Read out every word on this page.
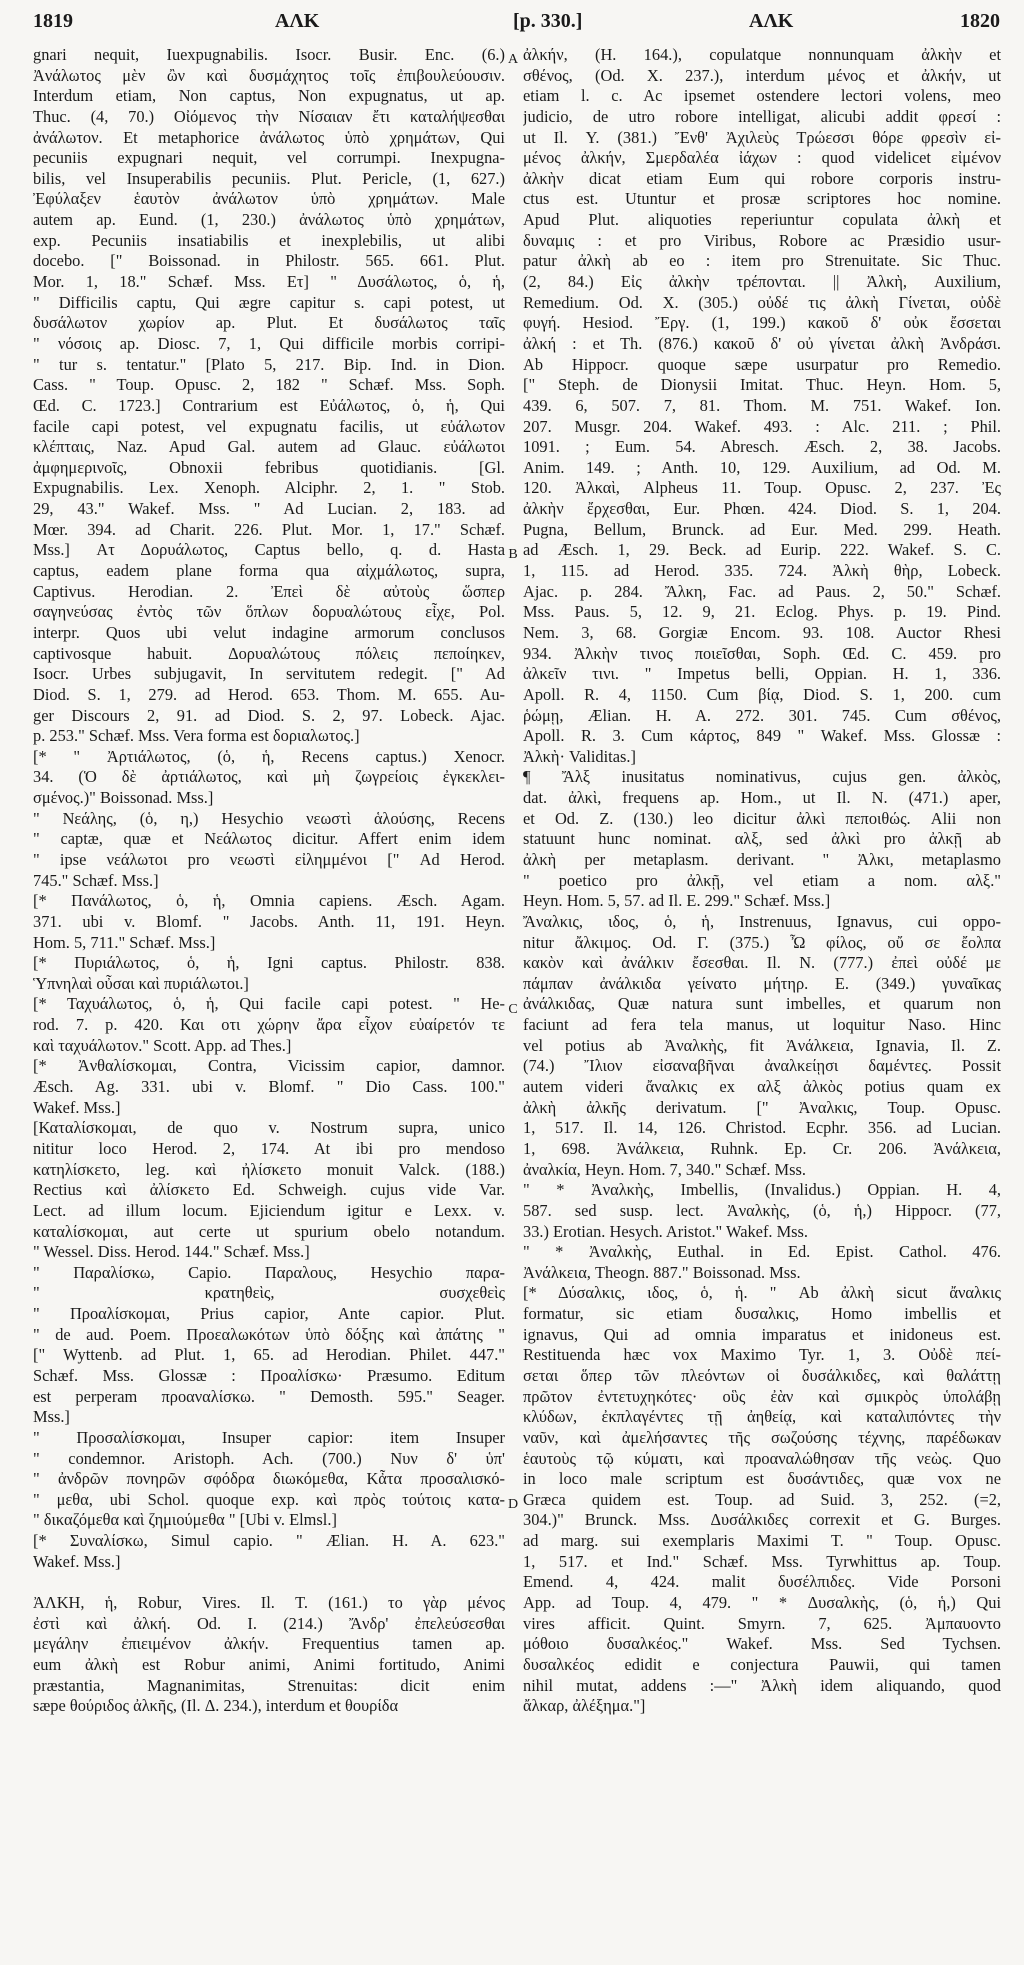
1819	ΑΛΚ	[p. 330.]	ΑΛΚ	1820
A
B
C
D
gnari nequit, Iuexpugnabilis. Isocr. Busir. Enc. (6.)
Ἀνάλωτος μὲν ὢν καὶ δυσμάχητος τοῖς ἐπιβουλεύουσιν.
Interdum etiam, Non captus, Non expugnatus, ut ap.
Thuc. (4, 70.) Οἰόμενος τὴν Νίσαιαν ἔτι καταλήψεσθαι
ἀνάλωτον. Et metaphorice ἀνάλωτος ὑπὸ χρημάτων, Qui
pecuniis expugnari nequit, vel corrumpi. Inexpugna-
bilis, vel Insuperabilis pecuniis. Plut. Pericle, (1, 627.)
Ἐφύλαξεν ἑαυτὸν ἀνάλωτον ὑπὸ χρημάτων. Male
autem ap. Eund. (1, 230.) ἀνάλωτος ὑπὸ χρημάτων,
exp. Pecuniis insatiabilis et inexplebilis, ut alibi
docebo. [" Boissonad. in Philostr. 565. 661. Plut.
Mor. 1, 18." Schæf. Mss. Ετ] " Δυσάλωτος, ὁ, ἡ,
" Difficilis captu, Qui ægre capitur s. capi potest, ut
δυσάλωτον χωρίον ap. Plut. Et δυσάλωτος ταῖς
" νόσοις ap. Diosc. 7, 1, Qui difficile morbis corripi-
" tur s. tentatur." [Plato 5, 217. Bip. Ind. in Dion.
Cass. " Toup. Opusc. 2, 182 " Schæf. Mss. Soph.
Œd. C. 1723.] Contrarium est Εὐάλωτος, ὁ, ἡ, Qui
facile capi potest, vel expugnatu facilis, ut εὐάλωτον
κλέπταις, Naz. Apud Gal. autem ad Glauc. εὐάλωτοι
ἀμφημερινοῖς, Obnoxii febribus quotidianis. [Gl.
Expugnabilis. Lex. Xenoph. Alciphr. 2, 1. " Stob.
29, 43." Wakef. Mss. " Ad Lucian. 2, 183. ad
Mœr. 394. ad Charit. 226. Plut. Mor. 1, 17." Schæf.
Mss.] Ατ Δορυάλωτος, Captus bello, q. d. Hasta
captus, eadem plane forma qua αἰχμάλωτος, supra,
Captivus. Herodian. 2. Ἐπεὶ δὲ αὐτοὺς ὥσπερ
σαγηνεύσας ἐντὸς τῶν ὅπλων δορυαλώτους εἶχε, Pol.
interpr. Quos ubi velut indagine armorum conclusos
captivosque habuit. Δορυαλώτους πόλεις πεποίηκεν,
Isocr. Urbes subjugavit, In servitutem redegit. [" Ad
Diod. S. 1, 279. ad Herod. 653. Thom. M. 655. Au-
ger Discours 2, 91. ad Diod. S. 2, 97. Lobeck. Ajac.
p. 253." Schæf. Mss. Vera forma est δοριαλωτος.]
[* " Ἀρτιάλωτος, (ὁ, ἡ, Recens captus.) Xenocr.
34. (Ὁ δὲ ἀρτιάλωτος, καὶ μὴ ζωγρείοις ἐγκεκλει-
σμένος.)" Boissonad. Mss.]
" Νεάλης, (ὁ, η,) Hesychio νεωστὶ ἁλούσης, Recens
" captæ, quæ et Νεάλωτος dicitur. Affert enim idem
" ipse νεάλωτοι pro νεωστὶ εἰλημμένοι [" Ad Herod.
745." Schæf. Mss.]
[* Πανάλωτος, ὁ, ἡ, Omnia capiens. Æsch. Agam.
371. ubi v. Blomf. " Jacobs. Anth. 11, 191. Heyn.
Hom. 5, 711." Schæf. Mss.]
[* Πυριάλωτος, ὁ, ἡ, Igni captus. Philostr. 838.
Ὑπνηλαὶ οὖσαι καὶ πυριάλωτοι.]
[* Ταχυάλωτος, ὁ, ἡ, Qui facile capi potest. " He-
rod. 7. p. 420. Και οτι χώρην ἄρα εἶχον εὐαίρετόν τε
καὶ ταχυάλωτον." Scott. App. ad Thes.]
[* Ἀνθαλίσκομαι, Contra, Vicissim capior, damnor.
Æsch. Ag. 331. ubi v. Blomf. " Dio Cass. 100."
Wakef. Mss.]
[Καταλίσκομαι, de quo v. Nostrum supra, unico
nititur loco Herod. 2, 174. At ibi pro mendoso
κατηλίσκετο, leg. καὶ ἠλίσκετο monuit Valck. (188.)
Rectius καὶ ἀλίσκετο Ed. Schweigh. cujus vide Var.
Lect. ad illum locum. Ejiciendum igitur e Lexx. v.
καταλίσκομαι, aut certe ut spurium obelo notandum.
" Wessel. Diss. Herod. 144." Schæf. Mss.]
" Παραλίσκω, Capio. Παραλους, Hesychio παρα-
" κρατηθεὶς, συσχεθεὶς
" Προαλίσκομαι, Prius capior, Ante capior. Plut.
" de aud. Poem. Προεαλωκότων ὑπὸ δόξης καὶ ἀπάτης "
[" Wyttenb. ad Plut. 1, 65. ad Herodian. Philet. 447."
Schæf. Mss. Glossæ : Προαλίσκω· Præsumo. Editum
est perperam προαναλίσκω. " Demosth. 595." Seager.
Mss.]
" Προσαλίσκομαι, Insuper capior: item Insuper
" condemnor. Aristoph. Ach. (700.) Νυν δ' ὑπ'
" ἀνδρῶν πονηρῶν σφόδρα διωκόμεθα, Κἆτα προσαλισκό-
" μεθα, ubi Schol. quoque exp. καὶ πρὸς τούτοις κατα-
" δικαζόμεθα καὶ ζημιούμεθα " [Ubi v. Elmsl.]
[* Συναλίσκω, Simul capio. " Ælian. H. A. 623."
Wakef. Mss.]
ἈΛΚΗ, ἡ, Robur, Vires. Il. Τ. (161.) το γὰρ μένος
ἐστὶ καὶ ἀλκή. Od. Ι. (214.) Ἄνδρ' ἐπελεύσεσθαι
μεγάλην ἐπιειμένον ἀλκήν. Frequentius tamen ap.
eum ἀλκὴ est Robur animi, Animi fortitudo, Animi
præstantia, Magnanimitas, Strenuitas: dicit enim
sæpe θούριδος ἀλκῆς, (Il. Δ. 234.), interdum et θουρίδα
ἀλκήν, (Η. 164.), copulatque nonnunquam ἀλκὴν et
σθένος, (Od. Χ. 237.), interdum μένος et ἀλκήν, ut
etiam l. c. Ac ipsemet ostendere lectori volens, meo
judicio, de utro robore intelligat, alicubi addit φρεσί :
ut Il. Υ. (381.) Ἔνθ' Ἀχιλεὺς Τρώεσσι θόρε φρεσὶν εἰ-
μένος ἀλκήν, Σμερδαλέα ἰάχων : quod videlicet εἰμένον
ἀλκὴν dicat etiam Eum qui robore corporis instru-
ctus est. Utuntur et prosæ scriptores hoc nomine.
Apud Plut. aliquoties reperiuntur copulata ἀλκὴ et
δυναμις : et pro Viribus, Robore ac Præsidio usur-
patur ἀλκὴ ab eo : item pro Strenuitate. Sic Thuc.
(2, 84.) Εἰς ἀλκὴν τρέπονται. || Ἀλκὴ, Auxilium,
Remedium. Od. Χ. (305.) οὐδέ τις ἀλκὴ Γίνεται, οὐδὲ
φυγή. Hesiod. Ἔργ. (1, 199.) κακοῦ δ' οὐκ ἔσσεται
ἀλκή : et Th. (876.) κακοῦ δ' οὐ γίνεται ἀλκὴ Ἀνδράσι.
Ab Hippocr. quoque sæpe usurpatur pro Remedio.
[" Steph. de Dionysii Imitat. Thuc. Heyn. Hom. 5,
439. 6, 507. 7, 81. Thom. M. 751. Wakef. Ion.
207. Musgr. 204. Wakef. 493. : Alc. 211. ; Phil.
1091. ; Eum. 54. Abresch. Æsch. 2, 38. Jacobs.
Anim. 149. ; Anth. 10, 129. Auxilium, ad Od. M.
120. Ἀλκαὶ, Alpheus 11. Toup. Opusc. 2, 237. Ἐς
ἀλκὴν ἔρχεσθαι, Eur. Phœn. 424. Diod. S. 1, 204.
Pugna, Bellum, Brunck. ad Eur. Med. 299. Heath.
ad Æsch. 1, 29. Beck. ad Eurip. 222. Wakef. S. C.
1, 115. ad Herod. 335. 724. Ἀλκὴ θὴρ, Lobeck.
Ajac. p. 284. Ἄλκη, Fac. ad Paus. 2, 50." Schæf.
Mss. Paus. 5, 12. 9, 21. Eclog. Phys. p. 19. Pind.
Nem. 3, 68. Gorgiæ Encom. 93. 108. Auctor Rhesi
934. Ἀλκὴν τινος ποιεῖσθαι, Soph. Œd. C. 459. pro
ἀλκεῖν τινι. " Impetus belli, Oppian. H. 1, 336.
Apoll. R. 4, 1150. Cum βίᾳ, Diod. S. 1, 200. cum
ῥώμῃ, Ælian. H. A. 272. 301. 745. Cum σθένος,
Apoll. R. 3. Cum κάρτος, 849 " Wakef. Mss. Glossæ :
Ἀλκὴ· Validitas.]
¶ Ἄλξ inusitatus nominativus, cujus gen. ἀλκὸς,
dat. ἀλκὶ, frequens ap. Hom., ut Il. Ν. (471.) aper,
et Od. Ζ. (130.) leo dicitur ἀλκὶ πεποιθώς. Alii non
statuunt hunc nominat. αλξ, sed ἀλκὶ pro ἀλκῇ ab
ἀλκὴ per metaplasm. derivant. " Ἀλκι, metaplasmo
" poetico pro ἀλκῇ, vel etiam a nom. αλξ."
Heyn. Hom. 5, 57. ad Il. Ε. 299." Schæf. Mss.]
Ἄναλκις, ιδος, ὁ, ἡ, Instrenuus, Ignavus, cui oppo-
nitur ἄλκιμος. Od. Γ. (375.) Ὦ φίλος, οὔ σε ἔολπα
κακὸν καὶ ἀνάλκιν ἔσεσθαι. Il. Ν. (777.) ἐπεὶ οὐδέ με
πάμπαν ἀνάλκιδα γείνατο μήτηρ. Ε. (349.) γυναῖκας
ἀνάλκιδας, Quæ natura sunt imbelles, et quarum non
faciunt ad fera tela manus, ut loquitur Naso. Hinc
vel potius ab Ἀναλκὴς, fit Ἀνάλκεια, Ignavia, Il. Ζ.
(74.) Ἴλιον εἰσαναβῆναι ἀναλκείῃσι δαμέντες. Possit
autem videri ἄναλκις ex αλξ ἀλκὸς potius quam ex
ἀλκὴ ἀλκῆς derivatum. [" Ἀναλκις, Toup. Opusc.
1, 517. Il. 14, 126. Christod. Ecphr. 356. ad Lucian.
1, 698. Ἀνάλκεια, Ruhnk. Ep. Cr. 206. Ἀνάλκεια,
ἀναλκία, Heyn. Hom. 7, 340." Schæf. Mss.
" * Ἀναλκὴς, Imbellis, (Invalidus.) Oppian. H. 4,
587. sed susp. lect. Ἀναλκὴς, (ὁ, ἡ,) Hippocr. (77,
33.) Erotian. Hesych. Aristot." Wakef. Mss.
" * Ἀναλκὴς, Euthal. in Ed. Epist. Cathol. 476.
Ἀνάλκεια, Theogn. 887." Boissonad. Mss.
[* Δύσαλκις, ιδος, ὁ, ἡ. " Ab ἀλκὴ sicut ἄναλκις
formatur, sic etiam δυσαλκις, Homo imbellis et
ignavus, Qui ad omnia imparatus et inidoneus est.
Restituenda hæc vox Maximo Tyr. 1, 3. Οὐδὲ πεί-
σεται ὅπερ τῶν πλεόντων οἱ δυσάλκιδες, καὶ θαλάττῃ
πρῶτον ἐντετυχηκότες· οὓς ἐὰν καὶ σμικρὸς ὑπολάβῃ
κλύδων, ἐκπλαγέντες τῇ ἀηθείᾳ, καὶ καταλιπόντες τὴν
ναῦν, καὶ ἀμελήσαντες τῆς σωζούσης τέχνης, παρέδωκαν
ἑαυτοὺς τῷ κύματι, καὶ προαναλώθησαν τῆς νεὼς. Quo
in loco male scriptum est δυσάντιδες, quæ vox ne
Græca quidem est. Toup. ad Suid. 3, 252. (=2,
304.)" Brunck. Mss. Δυσάλκιδες correxit et G. Burges.
ad marg. sui exemplaris Maximi T. " Toup. Opusc.
1, 517. et Ind." Schæf. Mss. Tyrwhittus ap. Toup.
Emend. 4, 424. malit δυσέλπιδες. Vide Porsoni
App. ad Toup. 4, 479. " * Δυσαλκὴς, (ὁ, ἡ,) Qui
vires afficit. Quint. Smyrn. 7, 625. Ἀμπαυοντο
μόθοιο δυσαλκέος." Wakef. Mss. Sed Tychsen.
δυσαλκέος edidit e conjectura Pauwii, qui tamen
nihil mutat, addens :—" Ἀλκὴ idem aliquando, quod
ἄλκαρ, ἀλέξημα."]
